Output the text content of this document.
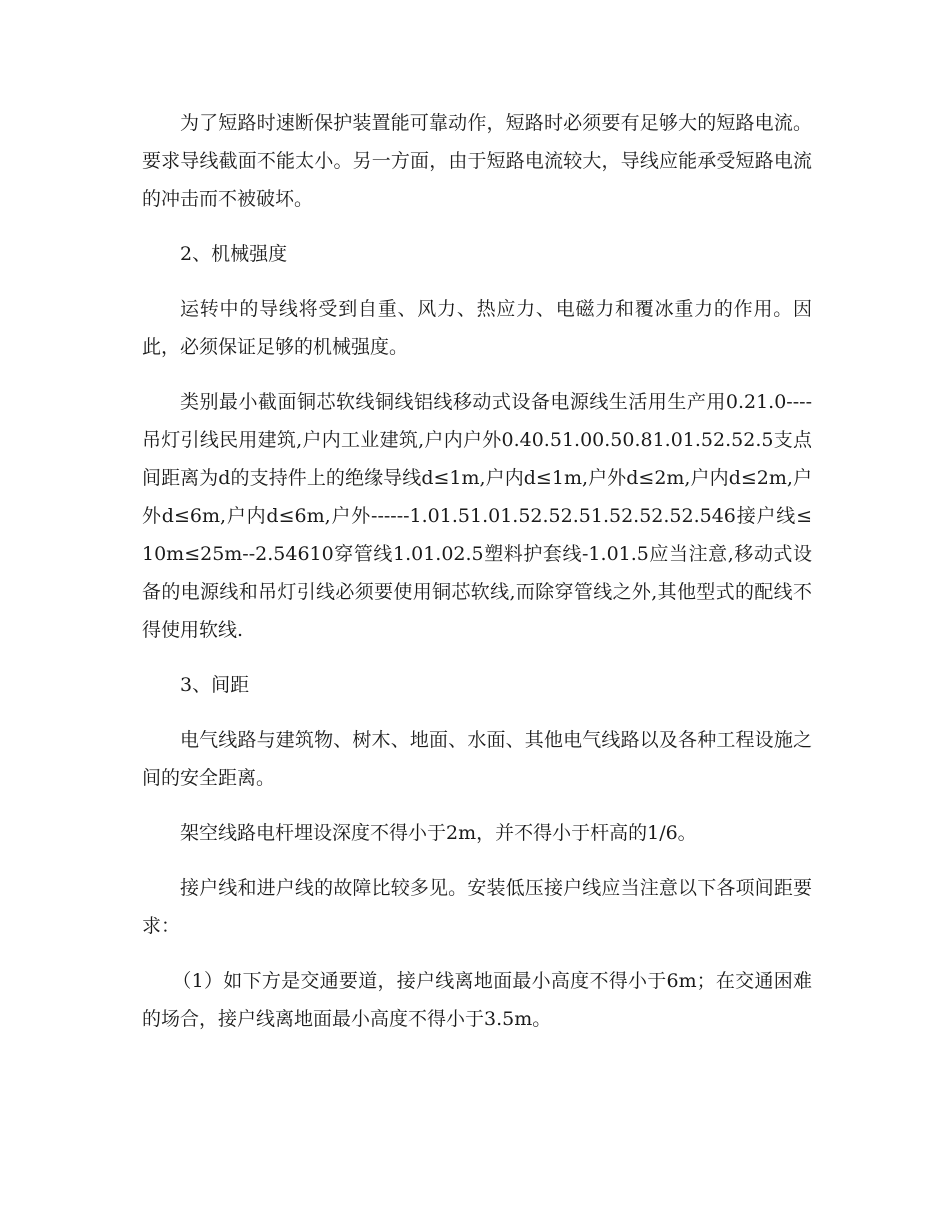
为了短路时速断保护装置能可靠动作，短路时必须要有足够大的短路电流。要求导线截面不能太小。另一方面，由于短路电流较大，导线应能承受短路电流的冲击而不被破坏。

2、机械强度

运转中的导线将受到自重、风力、热应力、电磁力和覆冰重力的作用。因此，必须保证足够的机械强度。

类别最小截面铜芯软线铜线铝线移动式设备电源线生活用生产用0.21.0----吊灯引线民用建筑,户内工业建筑,户内户外0.40.51.00.50.81.01.52.52.5支点间距离为d的支持件上的绝缘导线d≤1m,户内d≤1m,户外d≤2m,户内d≤2m,户外d≤6m,户内d≤6m,户外------1.01.51.01.52.52.51.52.52.52.546接户线≤10m≤25m--2.54610穿管线1.01.02.5塑料护套线-1.01.5应当注意,移动式设备的电源线和吊灯引线必须要使用铜芯软线,而除穿管线之外,其他型式的配线不得使用软线.

3、间距

电气线路与建筑物、树木、地面、水面、其他电气线路以及各种工程设施之间的安全距离。

架空线路电杆埋设深度不得小于2m，并不得小于杆高的1/6。

接户线和进户线的故障比较多见。安装低压接户线应当注意以下各项间距要求：

（1）如下方是交通要道，接户线离地面最小高度不得小于6m；在交通困难的场合，接户线离地面最小高度不得小于3.5m。
